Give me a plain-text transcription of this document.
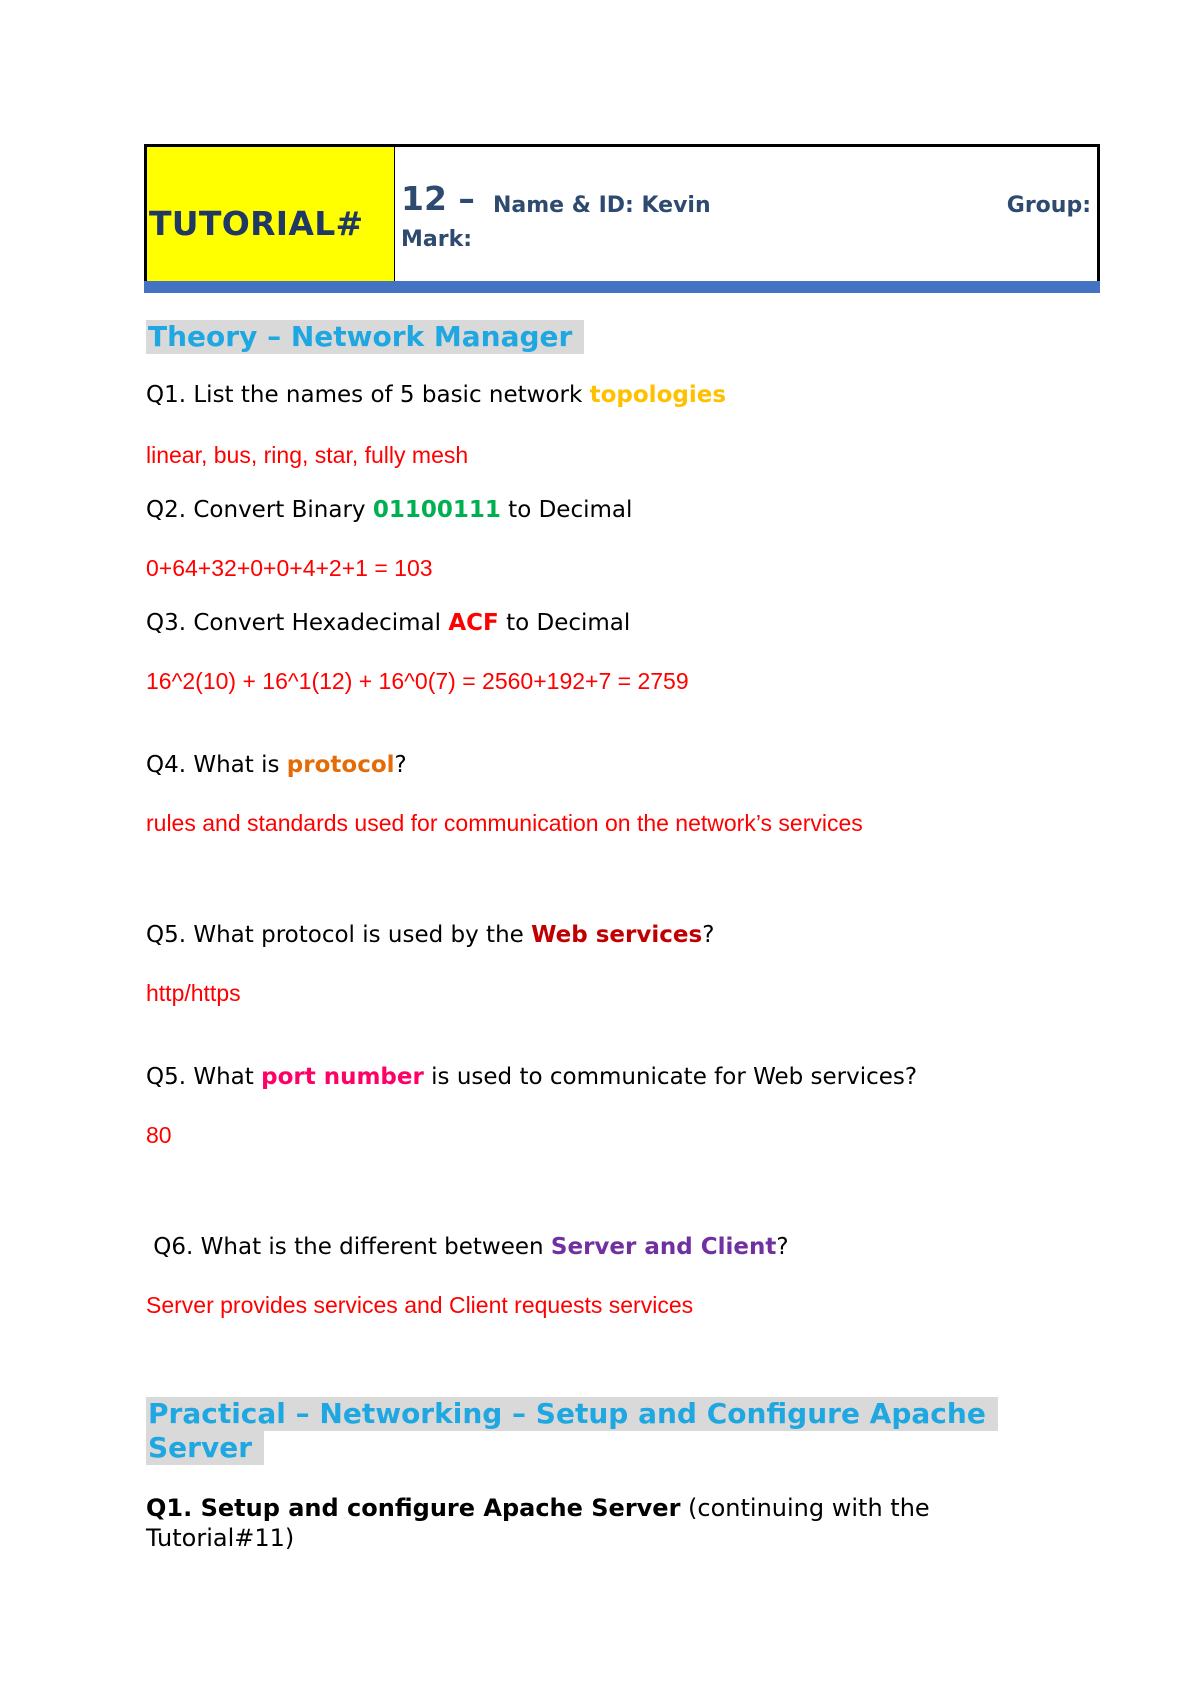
TUTORIAL#
12 – Name & ID: Kevin	Group:
Mark:
Theory – Network Manager
Q1. List the names of 5 basic network topologies
linear, bus, ring, star, fully mesh
Q2. Convert Binary 01100111 to Decimal
0+64+32+0+0+4+2+1 = 103
Q3. Convert Hexadecimal ACF to Decimal
16^2(10) + 16^1(12) + 16^0(7) = 2560+192+7 = 2759
Q4. What is protocol?
rules and standards used for communication on the network’s services
Q5. What protocol is used by the Web services?
http/https
Q5. What port number is used to communicate for Web services?
80
Q6. What is the different between Server and Client?
Server provides services and Client requests services
Practical – Networking – Setup and Configure Apache
Server
Q1. Setup and configure Apache Server (continuing with the
Tutorial#11)
